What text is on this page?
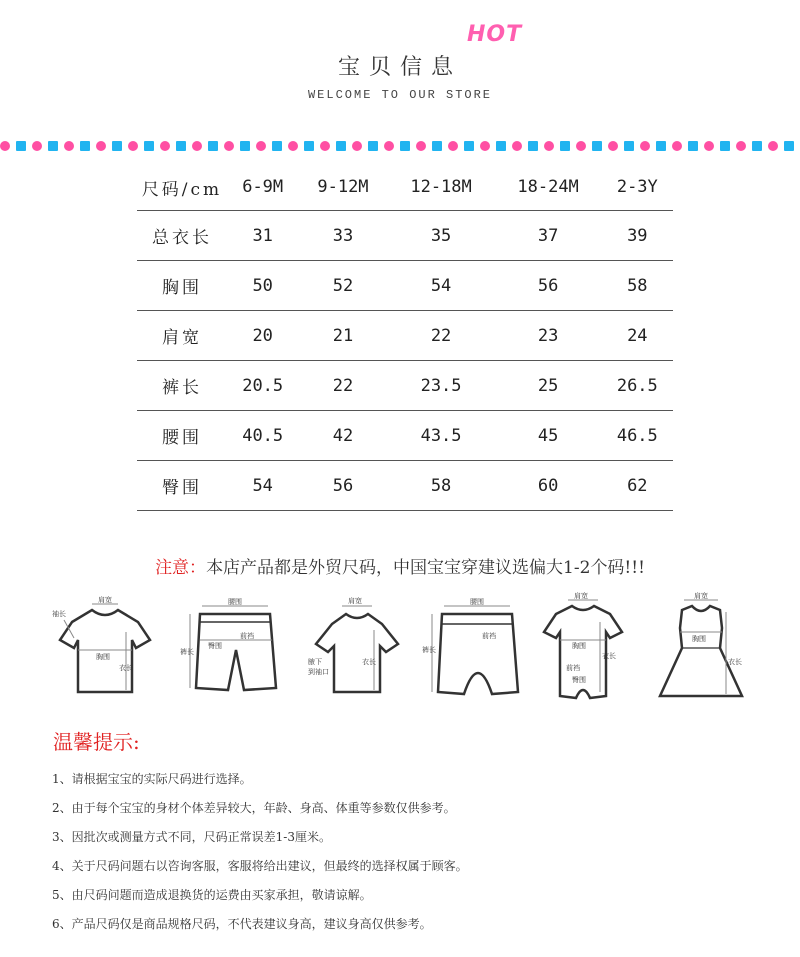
HOT
宝贝信息
WELCOME TO OUR STORE
尺码/cm	6-9M	9-12M	12-18M	18-24M	2-3Y
总衣长	31	33	35	37	39
胸围	50	52	54	56	58
肩宽	20	21	22	23	24
裤长	20.5	22	23.5	25	26.5
腰围	40.5	42	43.5	45	46.5
臀围	54	56	58	60	62
注意：本店产品都是外贸尺码，中国宝宝穿建议选偏大1-2个码!!!
袖长
肩宽
胸围
衣长
腰围
臀围
裤长
前裆
肩宽
衣长
腋下
到袖口
腰围
裤长
前裆
肩宽
胸围
衣长
前裆
臀围
肩宽
胸围
衣长
温馨提示:
1、请根据宝宝的实际尺码进行选择。
2、由于每个宝宝的身材个体差异较大，年龄、身高、体重等参数仅供参考。
3、因批次或测量方式不同，尺码正常误差1-3厘米。
4、关于尺码问题右以咨询客服，客服将给出建议，但最终的选择权属于顾客。
5、由尺码问题而造成退换货的运费由买家承担，敬请谅解。
6、产品尺码仅是商品规格尺码，不代表建议身高，建议身高仅供参考。
